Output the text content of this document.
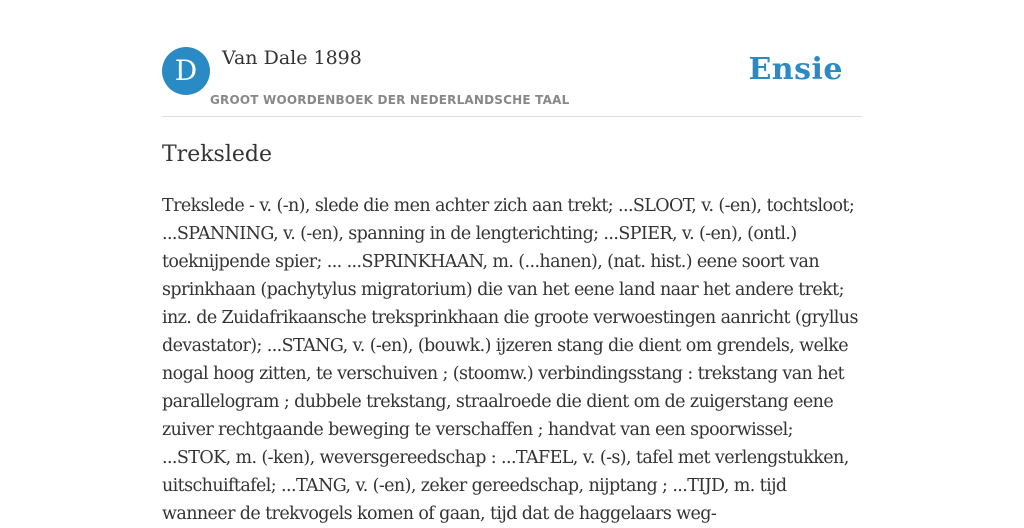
D	Van Dale 1898
GROOT WOORDENBOEK DER NEDERLANDSCHE TAAL
Ensie
Trekslede

Trekslede - v. (-n), slede die men achter zich aan trekt; ...SLOOT, v. (-en), tochtsloot; ...SPANNING, v. (-en), spanning in de lengterichting; ...SPIER, v. (-en), (ontl.) toeknijpende spier; ... ...SPRINKHAAN, m. (...hanen), (nat. hist.) eene soort van sprinkhaan (pachytylus migratorium) die van het eene land naar het andere trekt; inz. de Zuidafrikaansche treksprinkhaan die groote verwoestingen aanricht (gryllus devastator); ...STANG, v. (-en), (bouwk.) ijzeren stang die dient om grendels, welke nogal hoog zitten, te verschuiven ; (stoomw.) verbindingsstang : trekstang van het parallelogram ; dubbele trekstang, straalroede die dient om de zuigerstang eene zuiver rechtgaande beweging te verschaffen ; handvat van een spoorwissel; ...STOK, m. (-ken), weversgereedschap : ...TAFEL, v. (-s), tafel met verlengstukken, uitschuiftafel; ...TANG, v. (-en), zeker gereedschap, nijptang ; ...TIJD, m. tijd wanneer de trekvogels komen of gaan, tijd dat de haggelaars weg-
